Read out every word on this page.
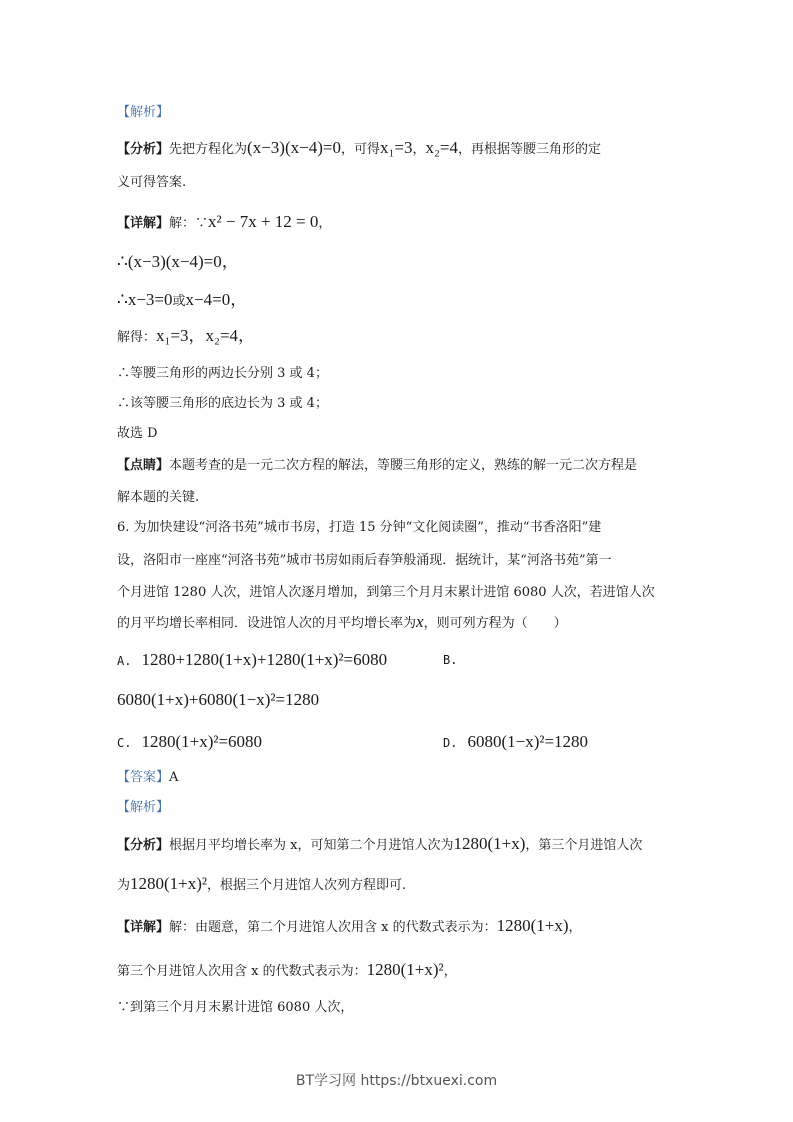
【解析】
【分析】先把方程化为(x−3)(x−4)=0，可得x₁=3，x₂=4，再根据等腰三角形的定
义可得答案.
【详解】解：∵x² − 7x + 12 = 0，
∴(x−3)(x−4)=0，
∴x−3=0或x−4=0，
解得：x₁=3，x₂=4，
∴等腰三角形的两边长分别 3 或 4；
∴该等腰三角形的底边长为 3 或 4；
故选 D
【点睛】本题考查的是一元二次方程的解法，等腰三角形的定义，熟练的解一元二次方程是
解本题的关键.
6. 为加快建设“河洛书苑”城市书房，打造 15 分钟“文化阅读圈”，推动“书香洛阳”建
设，洛阳市一座座“河洛书苑”城市书房如雨后春笋般涌现．据统计，某“河洛书苑”第一
个月进馆 1280 人次，进馆人次逐月增加，到第三个月月末累计进馆 6080 人次，若进馆人次
的月平均增长率相同．设进馆人次的月平均增长率为x，则可列方程为（　　）
A. 1280+1280(1+x)+1280(1+x)²=6080	B.
6080(1+x)+6080(1−x)²=1280
C. 1280(1+x)²=6080	D. 6080(1−x)²=1280
【答案】A
【解析】
【分析】根据月平均增长率为 x，可知第二个月进馆人次为1280(1+x)，第三个月进馆人次
为1280(1+x)²，根据三个月进馆人次列方程即可.
【详解】解：由题意，第二个月进馆人次用含 x 的代数式表示为：1280(1+x)，
第三个月进馆人次用含 x 的代数式表示为：1280(1+x)²，
∵到第三个月月末累计进馆 6080 人次，
BT学习网 https://btxuexi.com
